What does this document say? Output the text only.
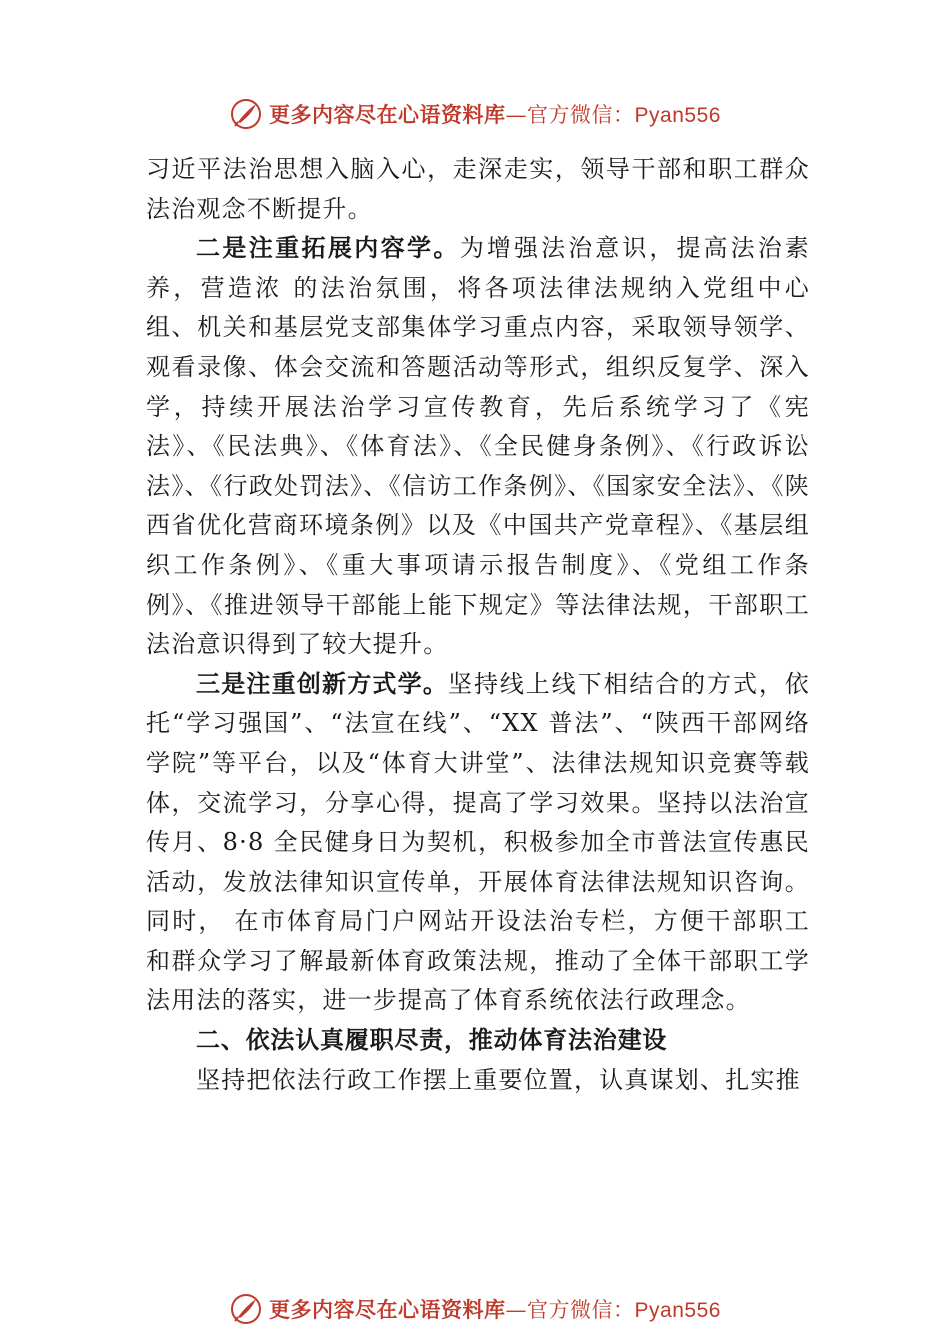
更多内容尽在心语资料库—官方微信：Pyan556

习近平法治思想入脑入心，走深走实，领导干部和职工群众法治观念不断提升。

二是注重拓展内容学。为增强法治意识，提高法治素养，营造浓 的法治氛围，将各项法律法规纳入党组中心组、机关和基层党支部集体学习重点内容，采取领导领学、观看录像、体会交流和答题活动等形式，组织反复学、深入学，持续开展法治学习宣传教育，先后系统学习了《宪法》、《民法典》、《体育法》、《全民健身条例》、《行政诉讼法》、《行政处罚法》、《信访工作条例》、《国家安全法》、《陕西省优化营商环境条例》以及《中国共产党章程》、《基层组织工作条例》、《重大事项请示报告制度》、《党组工作条例》、《推进领导干部能上能下规定》等法律法规，干部职工法治意识得到了较大提升。

三是注重创新方式学。坚持线上线下相结合的方式，依托“学习强国”、“法宣在线”、“XX 普法”、“陕西干部网络学院”等平台，以及“体育大讲堂”、法律法规知识竞赛等载体，交流学习，分享心得，提高了学习效果。坚持以法治宣传月、8·8 全民健身日为契机，积极参加全市普法宣传惠民活动，发放法律知识宣传单，开展体育法律法规知识咨询。同时， 在市体育局门户网站开设法治专栏，方便干部职工和群众学习了解最新体育政策法规，推动了全体干部职工学法用法的落实，进一步提高了体育系统依法行政理念。

二、依法认真履职尽责，推动体育法治建设

坚持把依法行政工作摆上重要位置，认真谋划、扎实推

更多内容尽在心语资料库—官方微信：Pyan556
